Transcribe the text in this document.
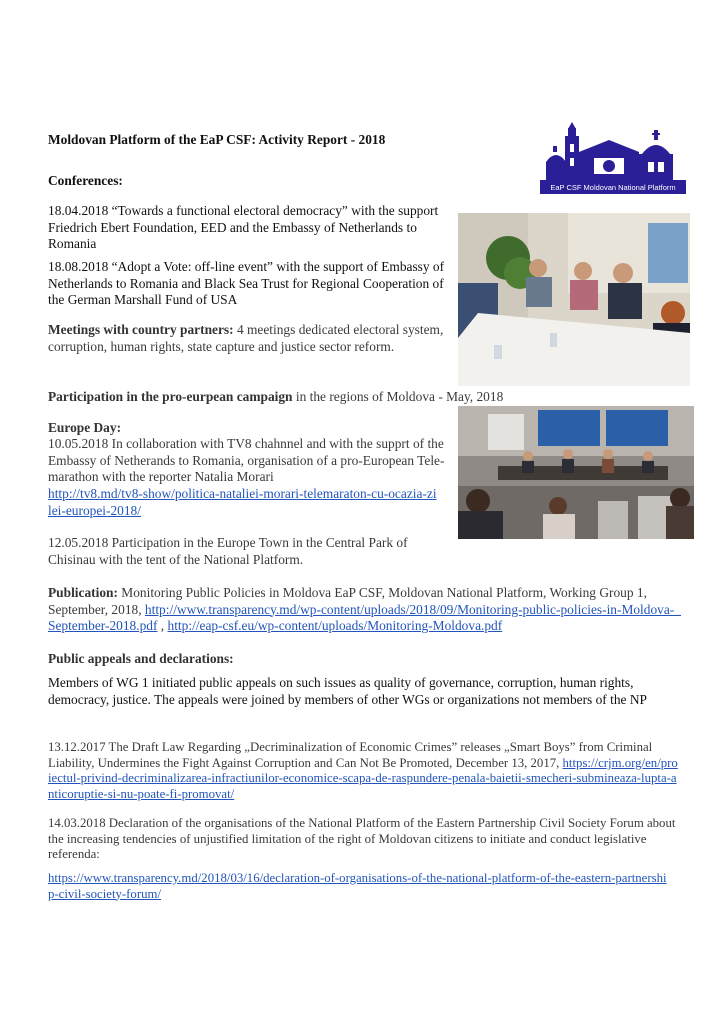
Moldovan Platform of the EaP CSF: Activity Report - 2018
EaP CSF Moldovan National Platform
Conferences:
18.04.2018 “Towards a functional electoral democracy” with the support Friedrich Ebert Foundation, EED and the Embassy of Netherlands to Romania
18.08.2018 “Adopt a Vote: off-line event” with the support of Embassy of Netherlands to Romania and Black Sea Trust for Regional Cooperation of the German Marshall Fund of USA
Meetings with country partners: 4 meetings dedicated electoral system, corruption, human rights, state capture and justice sector reform.
Participation in the pro-eurpean campaign in the regions of Moldova - May, 2018
Europe Day:
10.05.2018 In collaboration with TV8 chahnnel and with the supprt of the Embassy of Netherands to Romania, organisation of a pro-European Tele-marathon with the reporter Natalia Morari
http://tv8.md/tv8-show/politica-nataliei-morari-telemaraton-cu-ocazia-zilei-europei-2018/
12.05.2018 Participation in the Europe Town in the Central Park of Chisinau with the tent of the National Platform.
Publication: Monitoring Public Policies in Moldova EaP CSF, Moldovan National Platform, Working Group 1, September, 2018, http://www.transparency.md/wp-content/uploads/2018/09/Monitoring-public-policies-in-Moldova-_September-2018.pdf , http://eap-csf.eu/wp-content/uploads/Monitoring-Moldova.pdf
Public appeals and declarations:
Members of WG 1 initiated public appeals on such issues as quality of governance, corruption, human rights, democracy, justice. The appeals were joined by members of other WGs or organizations not members of the NP
13.12.2017 The Draft Law Regarding „Decriminalization of Economic Crimes” releases „Smart Boys” from Criminal Liability, Undermines the Fight Against Corruption and Can Not Be Promoted, December 13, 2017, https://crjm.org/en/proiectul-privind-decriminalizarea-infractiunilor-economice-scapa-de-raspundere-penala-baietii-smecheri-submineaza-lupta-anticoruptie-si-nu-poate-fi-promovat/
14.03.2018 Declaration of the organisations of the National Platform of the Eastern Partnership Civil Society Forum about the increasing tendencies of unjustified limitation of the right of Moldovan citizens to initiate and conduct legislative referenda:
https://www.transparency.md/2018/03/16/declaration-of-organisations-of-the-national-platform-of-the-eastern-partnership-civil-society-forum/
